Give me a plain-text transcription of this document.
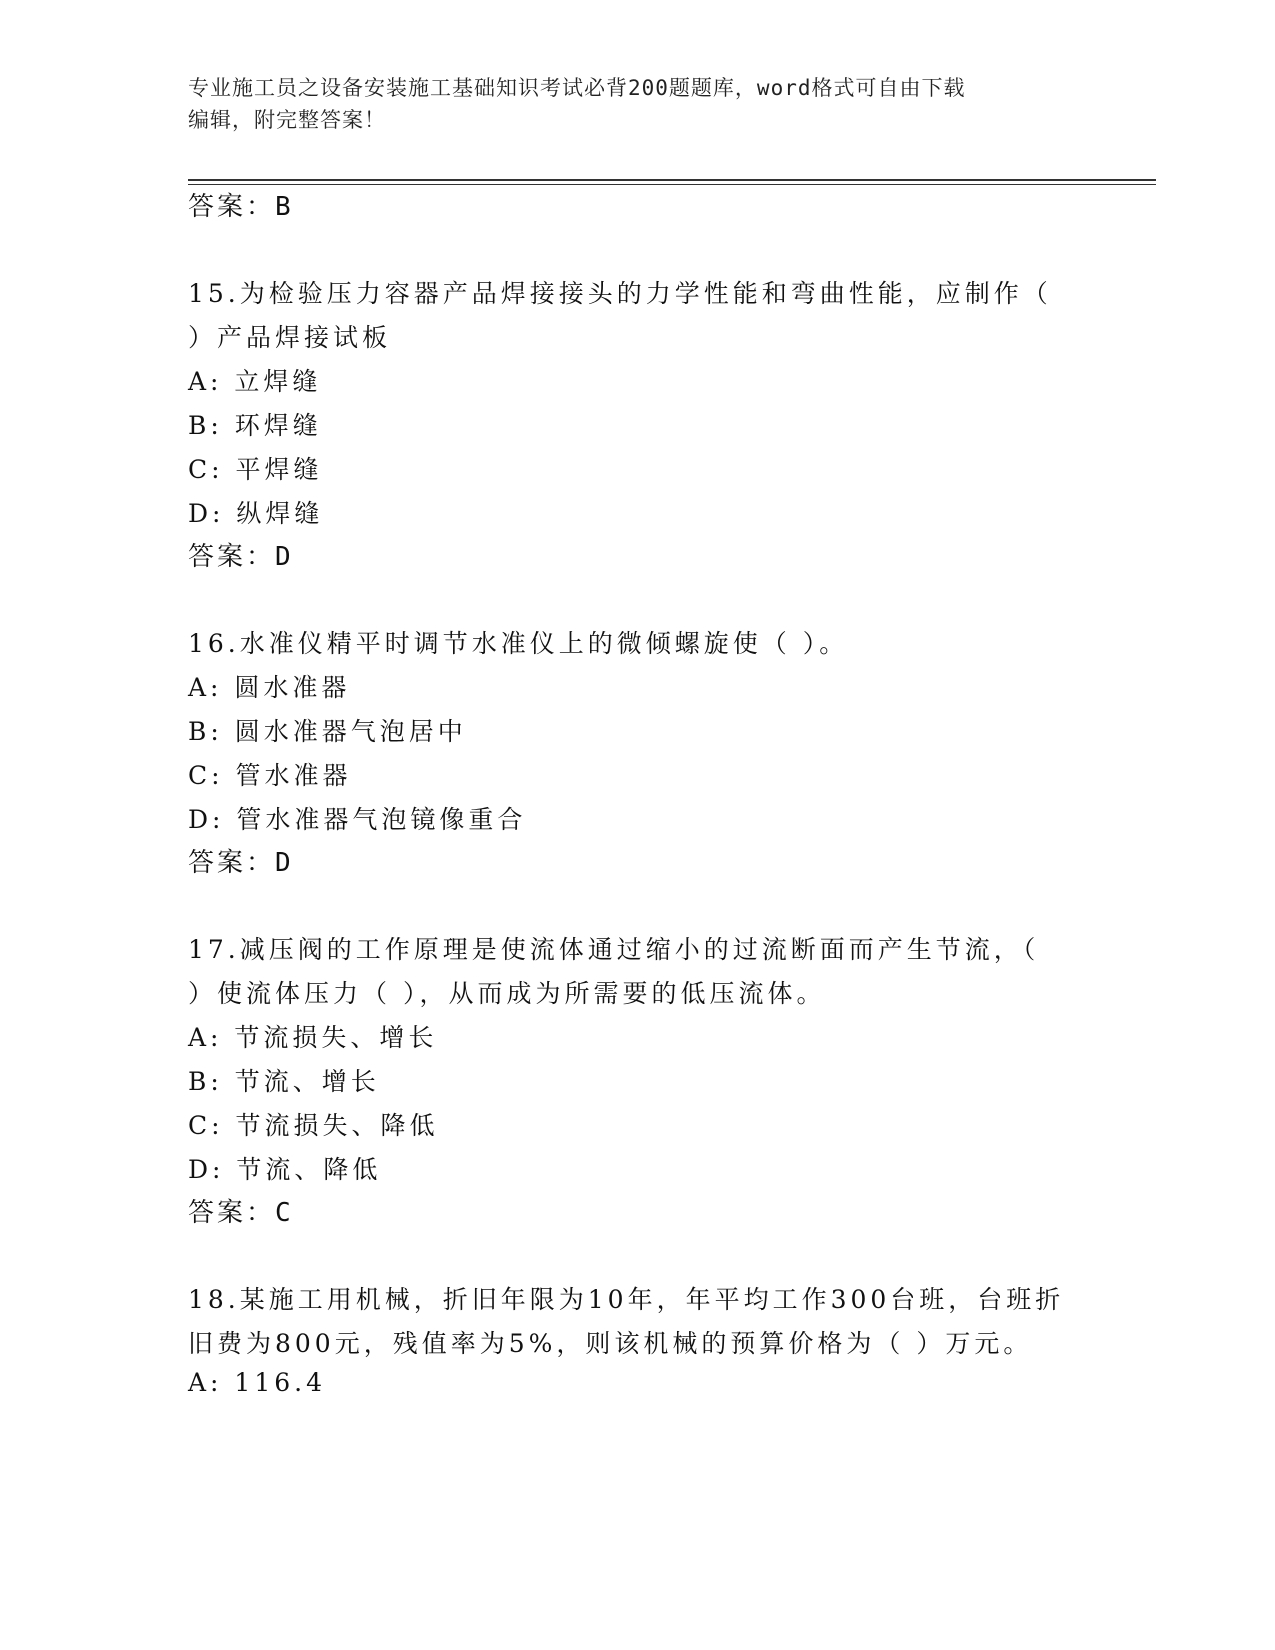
专业施工员之设备安装施工基础知识考试必背200题题库，word格式可自由下载
编辑，附完整答案！
答案：B
15.为检验压力容器产品焊接接头的力学性能和弯曲性能，应制作（
）产品焊接试板
A: 立焊缝
B: 环焊缝
C: 平焊缝
D: 纵焊缝
答案：D
16.水准仪精平时调节水准仪上的微倾螺旋使（ ）。
A: 圆水准器
B: 圆水准器气泡居中
C: 管水准器
D: 管水准器气泡镜像重合
答案：D
17.减压阀的工作原理是使流体通过缩小的过流断面而产生节流，（
）使流体压力（ ），从而成为所需要的低压流体。
A: 节流损失、增长
B: 节流、增长
C: 节流损失、降低
D: 节流、降低
答案：C
18.某施工用机械，折旧年限为10年，年平均工作300台班，台班折
旧费为800元，残值率为5%，则该机械的预算价格为（ ）万元。
A: 116.4
